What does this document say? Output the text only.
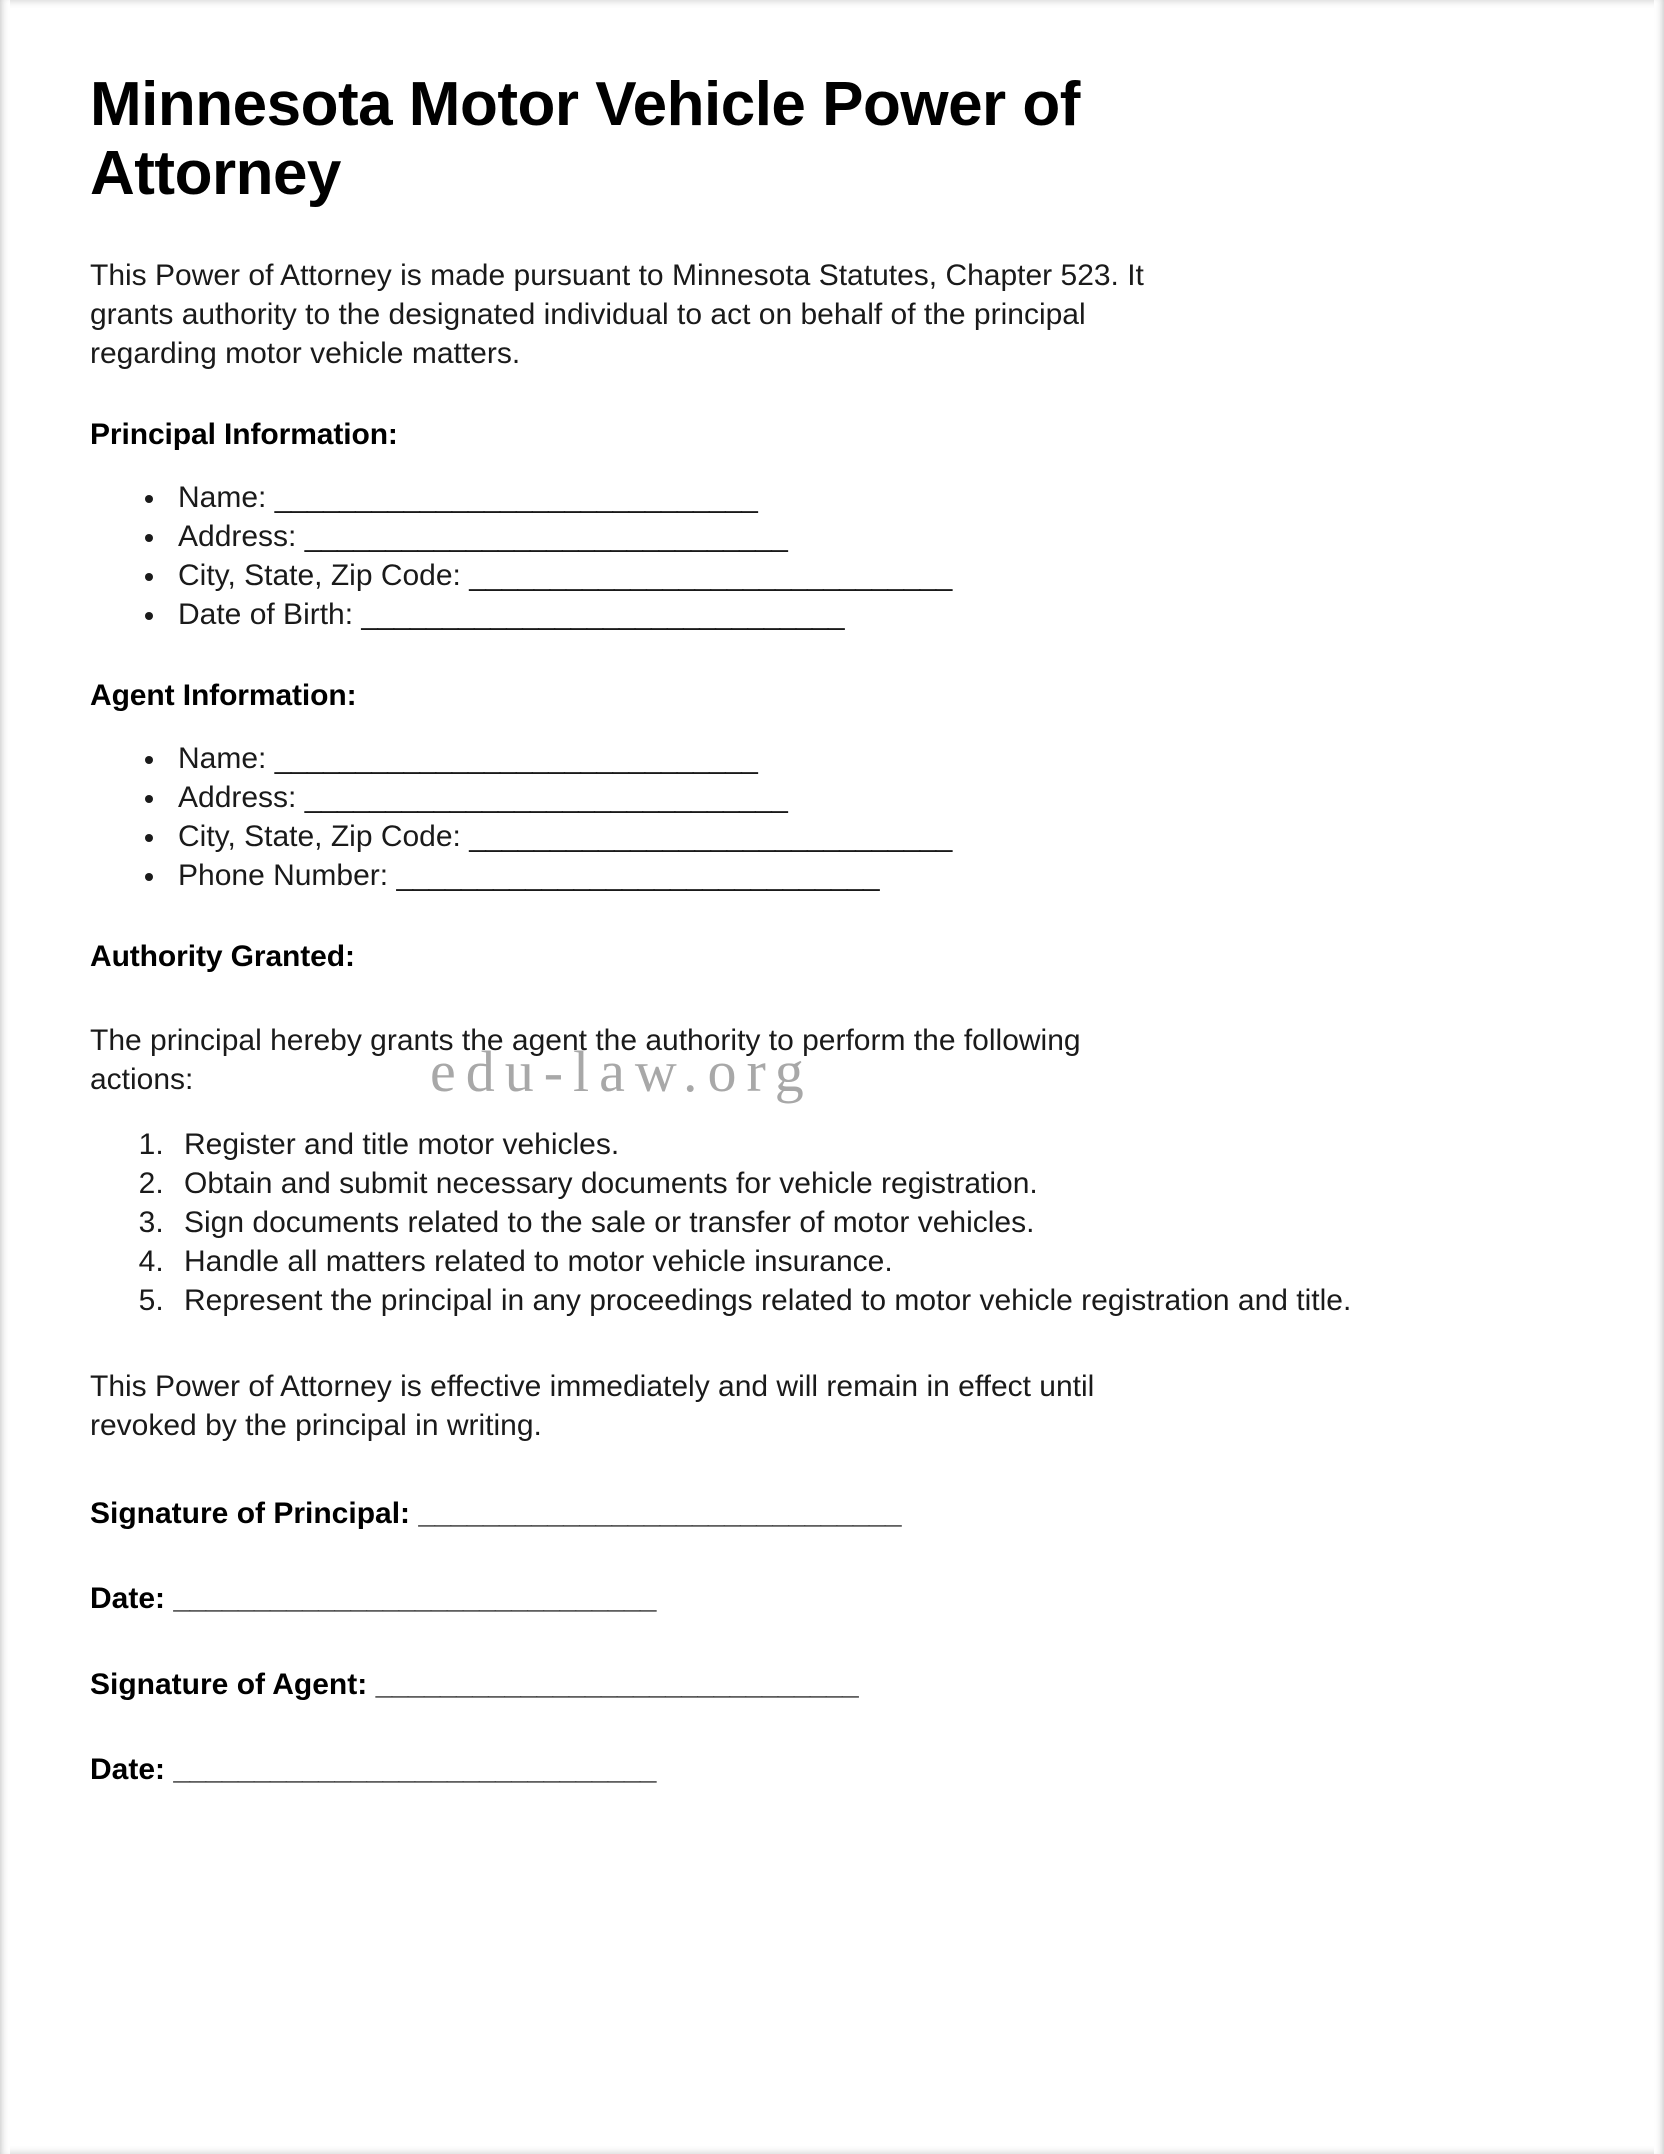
edu-law.org
Minnesota Motor Vehicle Power of Attorney

This Power of Attorney is made pursuant to Minnesota Statutes, Chapter 523. It grants authority to the designated individual to act on behalf of the principal regarding motor vehicle matters.

Principal Information:
• Name: ______________________________
• Address: ______________________________
• City, State, Zip Code: ______________________________
• Date of Birth: ______________________________
Agent Information:
• Name: ______________________________
• Address: ______________________________
• City, State, Zip Code: ______________________________
• Phone Number: ______________________________
Authority Granted:

The principal hereby grants the agent the authority to perform the following actions:

1. Register and title motor vehicles.
2. Obtain and submit necessary documents for vehicle registration.
3. Sign documents related to the sale or transfer of motor vehicles.
4. Handle all matters related to motor vehicle insurance.
5. Represent the principal in any proceedings related to motor vehicle registration and title.

This Power of Attorney is effective immediately and will remain in effect until revoked by the principal in writing.

Signature of Principal: ______________________________
Date: ______________________________
Signature of Agent: ______________________________
Date: ______________________________
